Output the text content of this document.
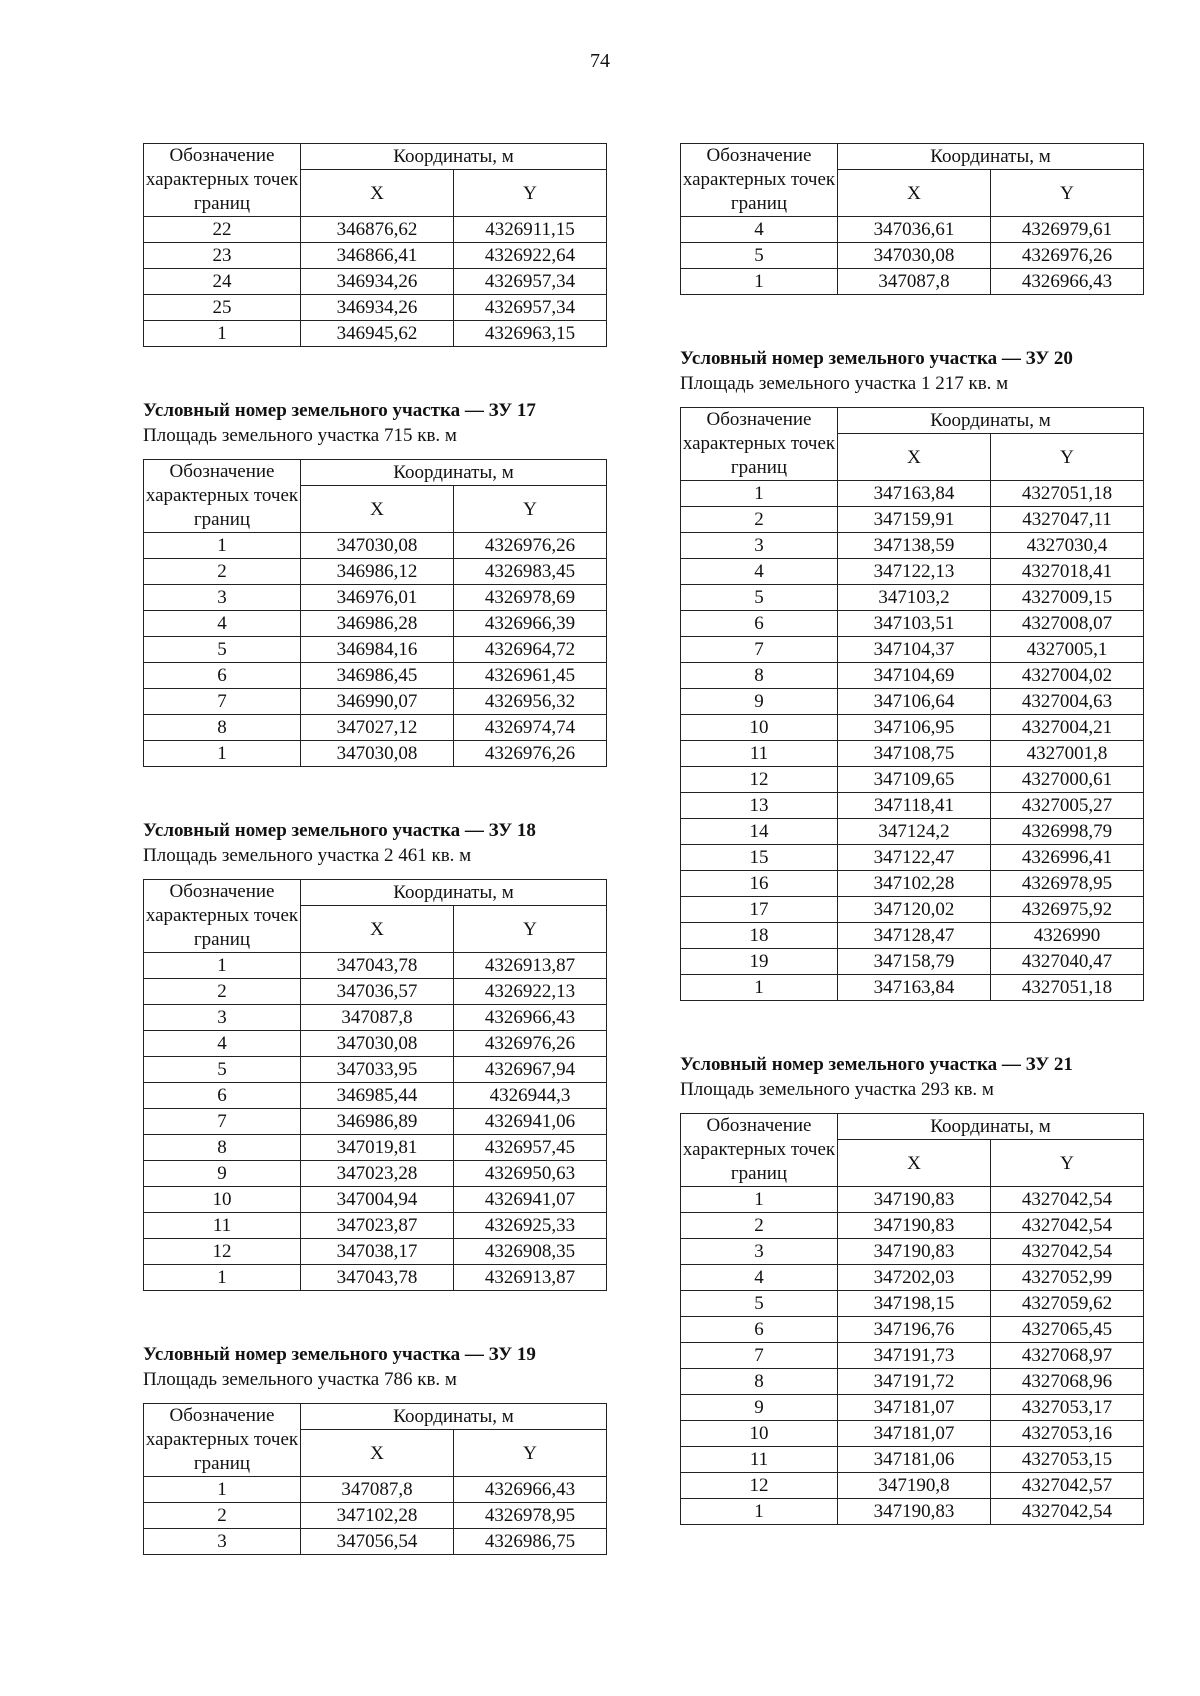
74
Обозначение характерных точек границ	Координаты, м	
	X	Y
22	346876,62	4326911,15
23	346866,41	4326922,64
24	346934,26	4326957,34
25	346934,26	4326957,34
1	346945,62	4326963,15
Условный номер земельного участка –– ЗУ 17
Площадь земельного участка 715 кв. м
Обозначение характерных точек границ	Координаты, м	
	X	Y
1	347030,08	4326976,26
2	346986,12	4326983,45
3	346976,01	4326978,69
4	346986,28	4326966,39
5	346984,16	4326964,72
6	346986,45	4326961,45
7	346990,07	4326956,32
8	347027,12	4326974,74
1	347030,08	4326976,26
Условный номер земельного участка — ЗУ 18
Площадь земельного участка 2 461 кв. м
Обозначение характерных точек границ	Координаты, м	
	X	Y
1	347043,78	4326913,87
2	347036,57	4326922,13
3	347087,8	4326966,43
4	347030,08	4326976,26
5	347033,95	4326967,94
6	346985,44	4326944,3
7	346986,89	4326941,06
8	347019,81	4326957,45
9	347023,28	4326950,63
10	347004,94	4326941,07
11	347023,87	4326925,33
12	347038,17	4326908,35
1	347043,78	4326913,87
Условный номер земельного участка — ЗУ 19
Площадь земельного участка 786 кв. м
Обозначение характерных точек границ	Координаты, м	
	X	Y
1	347087,8	4326966,43
2	347102,28	4326978,95
3	347056,54	4326986,75
Обозначение характерных точек границ	Координаты, м	
	X	Y
4	347036,61	4326979,61
5	347030,08	4326976,26
1	347087,8	4326966,43
Условный номер земельного участка — ЗУ 20
Площадь земельного участка 1 217 кв. м
Обозначение характерных точек границ	Координаты, м	
	X	Y
1	347163,84	4327051,18
2	347159,91	4327047,11
3	347138,59	4327030,4
4	347122,13	4327018,41
5	347103,2	4327009,15
6	347103,51	4327008,07
7	347104,37	4327005,1
8	347104,69	4327004,02
9	347106,64	4327004,63
10	347106,95	4327004,21
11	347108,75	4327001,8
12	347109,65	4327000,61
13	347118,41	4327005,27
14	347124,2	4326998,79
15	347122,47	4326996,41
16	347102,28	4326978,95
17	347120,02	4326975,92
18	347128,47	4326990
19	347158,79	4327040,47
1	347163,84	4327051,18
Условный номер земельного участка — ЗУ 21
Площадь земельного участка 293 кв. м
Обозначение характерных точек границ	Координаты, м	
	X	Y
1	347190,83	4327042,54
2	347190,83	4327042,54
3	347190,83	4327042,54
4	347202,03	4327052,99
5	347198,15	4327059,62
6	347196,76	4327065,45
7	347191,73	4327068,97
8	347191,72	4327068,96
9	347181,07	4327053,17
10	347181,07	4327053,16
11	347181,06	4327053,15
12	347190,8	4327042,57
1	347190,83	4327042,54
